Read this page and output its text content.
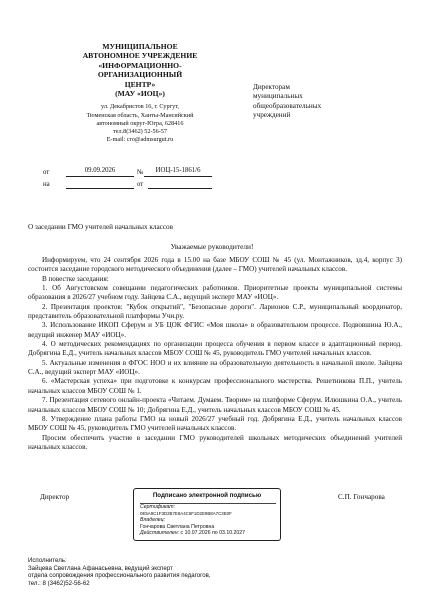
МУНИЦИПАЛЬНОЕ
АВТОНОМНОЕ УЧРЕЖДЕНИЕ
«ИНФОРМАЦИОННО-
ОРГАНИЗАЦИОННЫЙ
ЦЕНТР»
(МАУ «ИОЦ»)
ул. Декабристов 16, г. Сургут,
Тюменская область, Ханты-Мансийский
автономный округ-Югра, 628416
тел.8(3462) 52-56-57
E-mail: cro@admsurgut.ru
Директорам
муниципальных
общеобразовательных
учреждений
от	09.09.2026	№	ИОЦ-15-1861/6
на	от
О заседании ГМО учителей начальных классов
Уважаемые руководители!

Информируем, что 24 сентября 2026 года в 15.00 на базе МБОУ СОШ № 45 (ул. Монтажников, зд.4, корпус 3) состоится заседание городского методического объединения (далее – ГМО) учителей начальных классов.

В повестке заседания:

1. Об Августовском совещании педагогических работников. Приоритетные проекты муниципальной системы образования в 2026/27 учебном году. Зайцева С.А., ведущий эксперт МАУ «ИОЦ».

2. Презентация проектов: "Кубок открытий", "Безопасные дороги". Ларионов С.Р., муниципальный координатор, представитель образовательной платформы Учи.ру.

3. Использование ИКОП Сферум и УБ ЦОК ФГИС «Моя школа» в образовательном процессе. Подвовшина Ю.А., ведущий инженер МАУ «ИОЦ».

4. О методических рекомендациях по организации процесса обучения в первом классе в адаптационный период. Добрягина Е.Д., учитель начальных классов МБОУ СОШ № 45, руководитель ГМО учителей начальных классов.

5. Актуальные изменения в ФГОС НОО и их влияние на образовательную деятельность в начальной школе. Зайцева С.А., ведущий эксперт МАУ «ИОЦ».

6. «Мастерская успеха» при подготовке к конкурсам профессионального мастерства. Решетникова П.П., учитель начальных классов МБОУ СОШ № 1.

7. Презентация сетевого онлайн-проекта «Читаем. Думаем. Творим» на платформе Сферум. Илюшкина О.А., учитель начальных классов МБОУ СОШ № 10; Добрягина Е.Д., учитель начальных классов МБОУ СОШ № 45.

8. Утверждение плана работы ГМО на новый 2026/27 учебный год. Добрягина Е.Д., учитель начальных классов МБОУ СОШ № 45, руководитель ГМО учителей начальных классов.

Просим обеспечить участие в заседании ГМО руководителей школьных методических объединений учителей начальных классов.

Директор	С.П. Гончарова
Подписано электронной подписью
Сертификат:
0E5A9C1F3D2B7E8A4C6F1D2E9B8A7C3E0F
Владелец:
Гончарова Светлана Петровна
Действителен: с 10.07.2026 по 03.10.2027
Исполнитель:
Зайцева Светлана Афанасьевна, ведущий эксперт
отдела сопровождения профессионального развития педагогов,
тел.: 8 (3462)52-56-62
